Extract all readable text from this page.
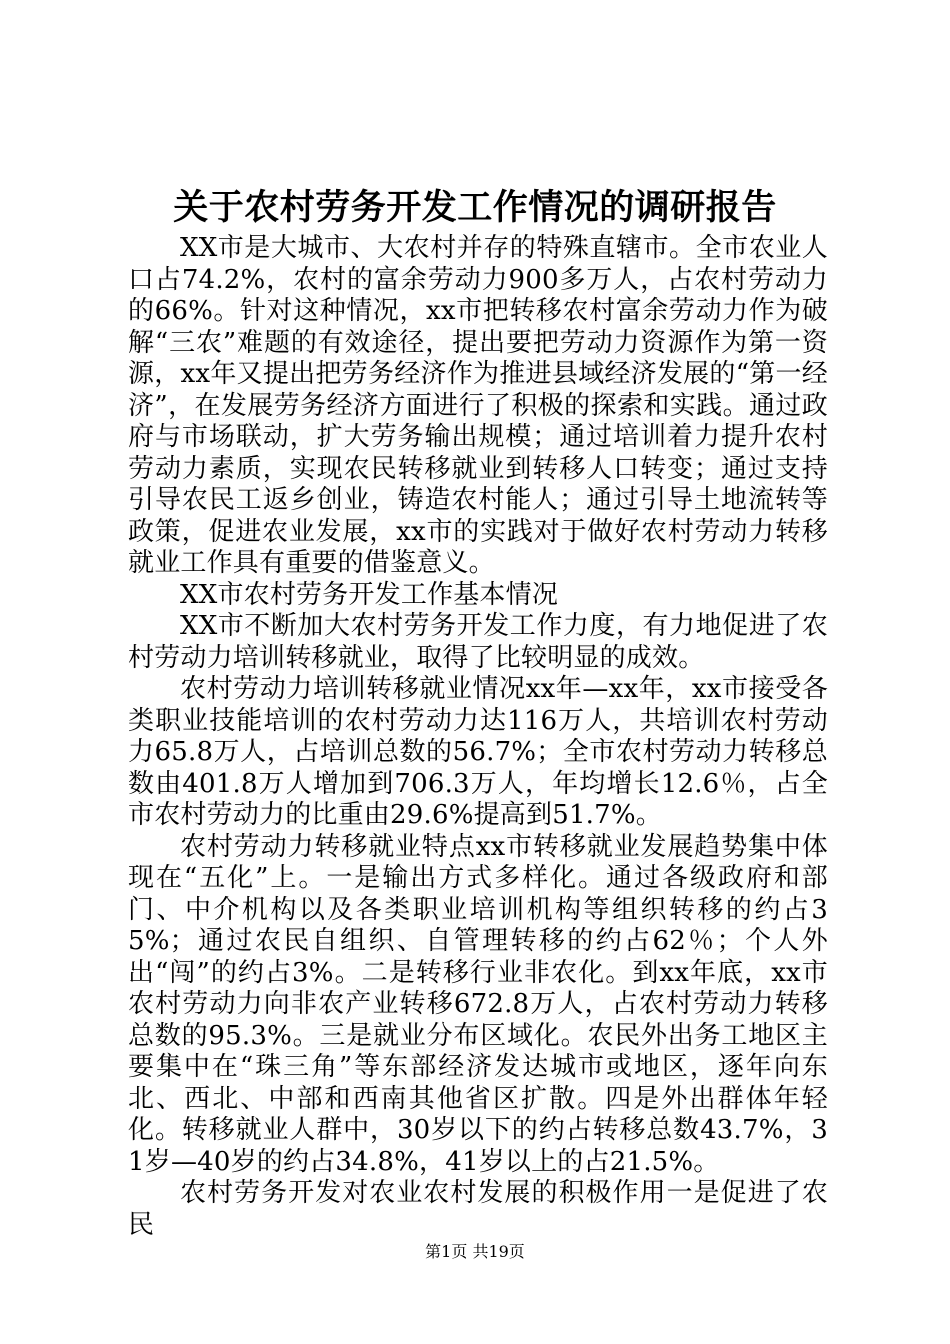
关于农村劳务开发工作情况的调研报告

XX市是大城市、大农村并存的特殊直辖市。全市农业人口占74.2%，农村的富余劳动力900多万人，占农村劳动力的66%。针对这种情况，xx市把转移农村富余劳动力作为破解“三农”难题的有效途径，提出要把劳动力资源作为第一资源，xx年又提出把劳务经济作为推进县域经济发展的“第一经济”，在发展劳务经济方面进行了积极的探索和实践。通过政府与市场联动，扩大劳务输出规模；通过培训着力提升农村劳动力素质，实现农民转移就业到转移人口转变；通过支持引导农民工返乡创业，铸造农村能人；通过引导土地流转等政策，促进农业发展，xx市的实践对于做好农村劳动力转移就业工作具有重要的借鉴意义。

XX市农村劳务开发工作基本情况

XX市不断加大农村劳务开发工作力度，有力地促进了农村劳动力培训转移就业，取得了比较明显的成效。

农村劳动力培训转移就业情况xx年—xx年，xx市接受各类职业技能培训的农村劳动力达116万人，共培训农村劳动力65.8万人，占培训总数的56.7%；全市农村劳动力转移总数由401.8万人增加到706.3万人，年均增长12.6％，占全市农村劳动力的比重由29.6%提高到51.7%。

农村劳动力转移就业特点xx市转移就业发展趋势集中体现在“五化”上。一是输出方式多样化。通过各级政府和部门、中介机构以及各类职业培训机构等组织转移的约占35%；通过农民自组织、自管理转移的约占62％；个人外出“闯”的约占3%。二是转移行业非农化。到xx年底，xx市农村劳动力向非农产业转移672.8万人，占农村劳动力转移总数的95.3%。三是就业分布区域化。农民外出务工地区主要集中在“珠三角”等东部经济发达城市或地区，逐年向东北、西北、中部和西南其他省区扩散。四是外出群体年轻化。转移就业人群中，30岁以下的约占转移总数43.7%，31岁—40岁的约占34.8%，41岁以上的占21.5%。

农村劳务开发对农业农村发展的积极作用一是促进了农民

第1页 共19页
